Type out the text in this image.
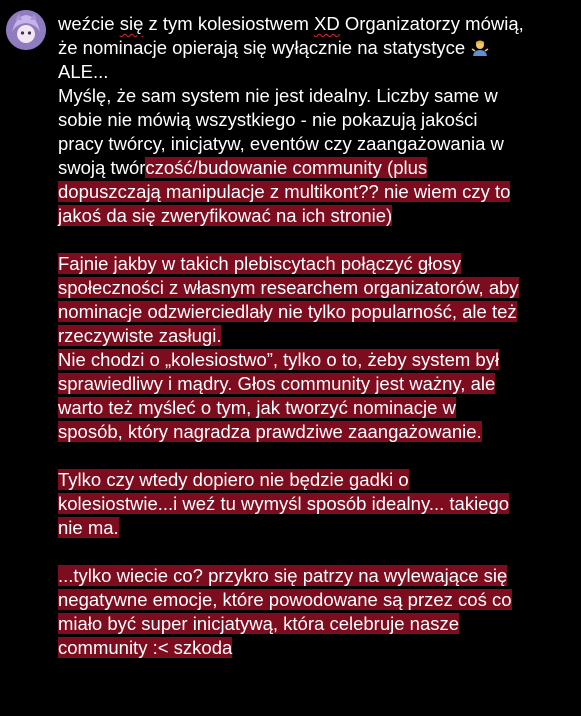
weźcie się z tym kolesiostwem XD Organizatorzy mówią,
że nominacje opierają się wyłącznie na statystyce
ALE...
Myślę, że sam system nie jest idealny. Liczby same w
sobie nie mówią wszystkiego - nie pokazują jakości
pracy twórcy, inicjatyw, eventów czy zaangażowania w
swoją twórczość/budowanie community (plus
dopuszczają manipulacje z multikont?? nie wiem czy to
jakoś da się zweryfikować na ich stronie)
Fajnie jakby w takich plebiscytach połączyć głosy
społeczności z własnym researchem organizatorów, aby
nominacje odzwierciedlały nie tylko popularność, ale też
rzeczywiste zasługi.
Nie chodzi o „kolesiostwo”, tylko o to, żeby system był
sprawiedliwy i mądry. Głos community jest ważny, ale
warto też myśleć o tym, jak tworzyć nominacje w
sposób, który nagradza prawdziwe zaangażowanie.
Tylko czy wtedy dopiero nie będzie gadki o
kolesiostwie...i weź tu wymyśl sposób idealny... takiego
nie ma.
...tylko wiecie co? przykro się patrzy na wylewające się
negatywne emocje, które powodowane są przez coś co
miało być super inicjatywą, która celebruje nasze
community :< szkoda
